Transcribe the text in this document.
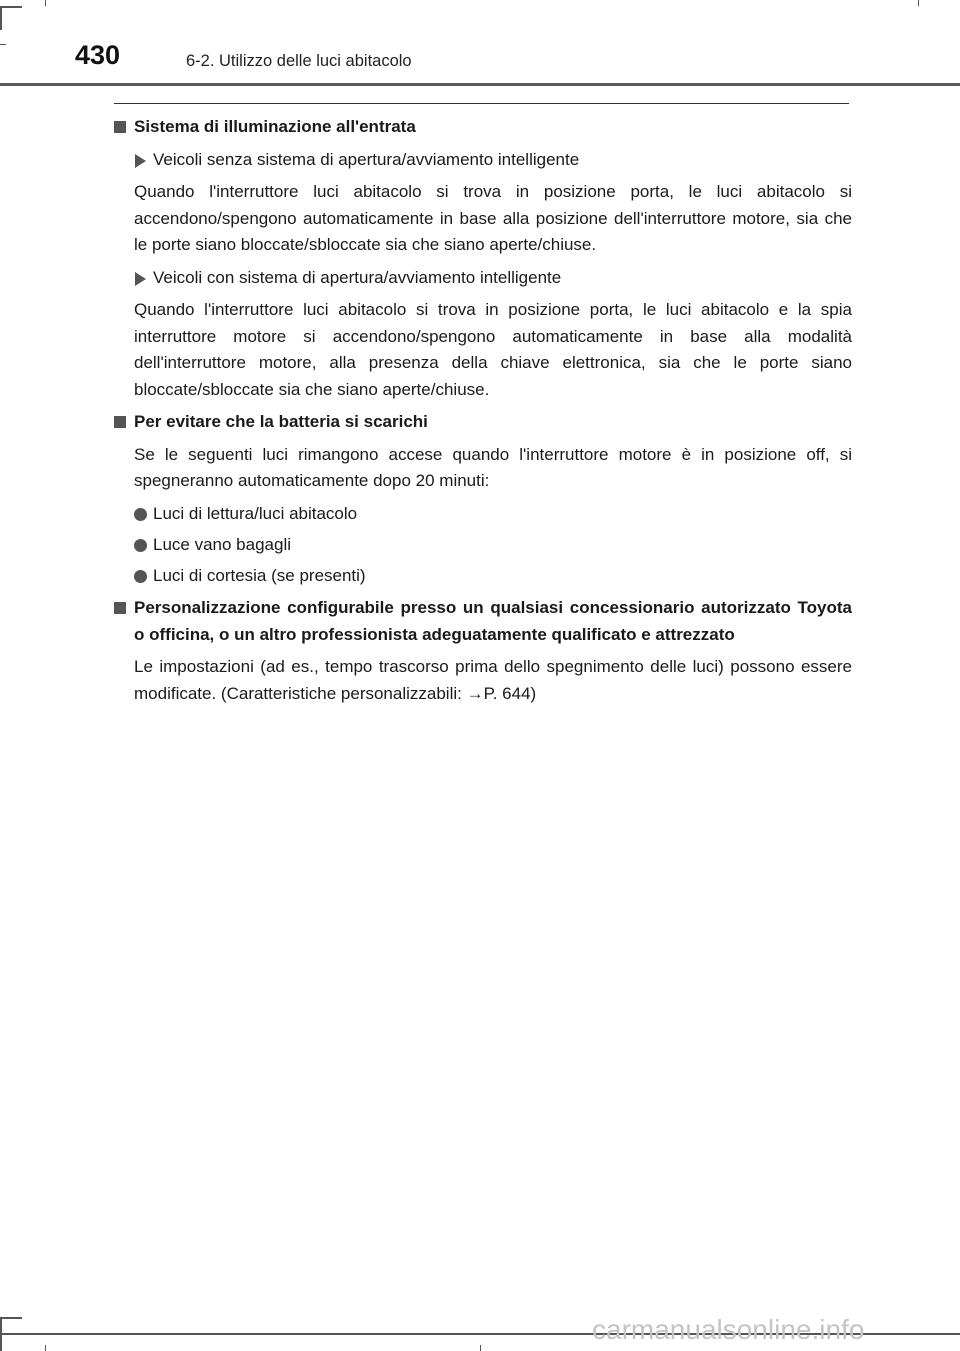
430	6-2. Utilizzo delle luci abitacolo
Sistema di illuminazione all'entrata
Veicoli senza sistema di apertura/avviamento intelligente

Quando l'interruttore luci abitacolo si trova in posizione porta, le luci abitacolo si accendono/spengono automaticamente in base alla posizione dell'interruttore motore, sia che le porte siano bloccate/sbloccate sia che siano aperte/chiuse.

Veicoli con sistema di apertura/avviamento intelligente

Quando l'interruttore luci abitacolo si trova in posizione porta, le luci abitacolo e la spia interruttore motore si accendono/spengono automaticamente in base alla modalità dell'interruttore motore, alla presenza della chiave elettronica, sia che le porte siano bloccate/sbloccate sia che siano aperte/chiuse.

Per evitare che la batteria si scarichi

Se le seguenti luci rimangono accese quando l'interruttore motore è in posizione off, si spegneranno automaticamente dopo 20 minuti:

Luci di lettura/luci abitacolo
Luce vano bagagli
Luci di cortesia (se presenti)
Personalizzazione configurabile presso un qualsiasi concessionario autorizzato Toyota o officina, o un altro professionista adeguatamente qualificato e attrezzato

Le impostazioni (ad es., tempo trascorso prima dello spegnimento delle luci) possono essere modificate. (Caratteristiche personalizzabili: →P. 644)

carmanualsonline.info
